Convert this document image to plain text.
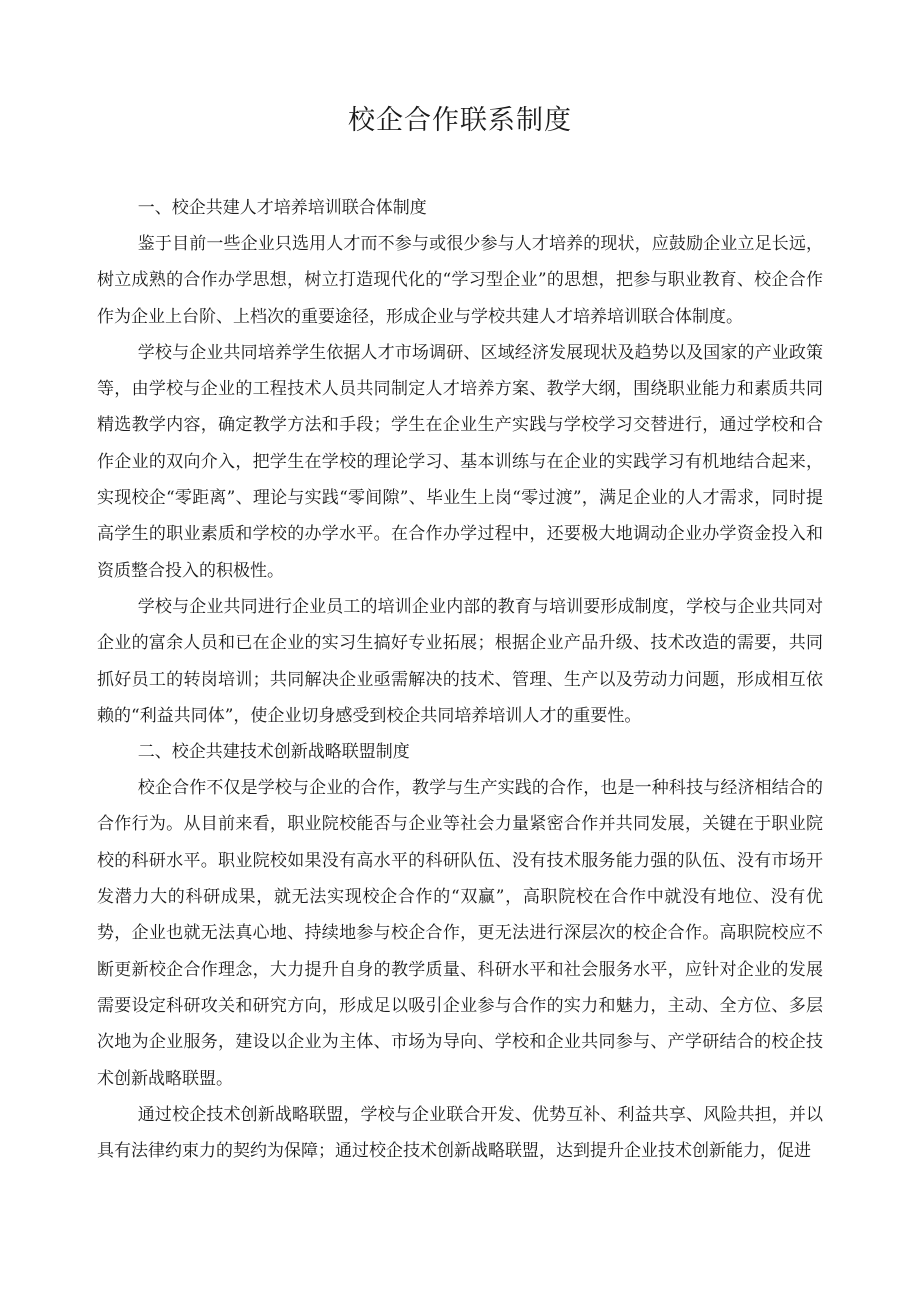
校企合作联系制度
一、校企共建人才培养培训联合体制度

鉴于目前一些企业只选用人才而不参与或很少参与人才培养的现状，应鼓励企业立足长远，树立成熟的合作办学思想，树立打造现代化的“学习型企业”的思想，把参与职业教育、校企合作作为企业上台阶、上档次的重要途径，形成企业与学校共建人才培养培训联合体制度。

学校与企业共同培养学生依据人才市场调研、区域经济发展现状及趋势以及国家的产业政策等，由学校与企业的工程技术人员共同制定人才培养方案、教学大纲，围绕职业能力和素质共同精选教学内容，确定教学方法和手段；学生在企业生产实践与学校学习交替进行，通过学校和合作企业的双向介入，把学生在学校的理论学习、基本训练与在企业的实践学习有机地结合起来，实现校企“零距离”、理论与实践“零间隙”、毕业生上岗“零过渡”，满足企业的人才需求，同时提高学生的职业素质和学校的办学水平。在合作办学过程中，还要极大地调动企业办学资金投入和资质整合投入的积极性。

学校与企业共同进行企业员工的培训企业内部的教育与培训要形成制度，学校与企业共同对企业的富余人员和已在企业的实习生搞好专业拓展；根据企业产品升级、技术改造的需要，共同抓好员工的转岗培训；共同解决企业亟需解决的技术、管理、生产以及劳动力问题，形成相互依赖的“利益共同体”，使企业切身感受到校企共同培养培训人才的重要性。

二、校企共建技术创新战略联盟制度

校企合作不仅是学校与企业的合作，教学与生产实践的合作，也是一种科技与经济相结合的合作行为。从目前来看，职业院校能否与企业等社会力量紧密合作并共同发展，关键在于职业院校的科研水平。职业院校如果没有高水平的科研队伍、没有技术服务能力强的队伍、没有市场开发潜力大的科研成果，就无法实现校企合作的“双赢”，高职院校在合作中就没有地位、没有优势，企业也就无法真心地、持续地参与校企合作，更无法进行深层次的校企合作。高职院校应不断更新校企合作理念，大力提升自身的教学质量、科研水平和社会服务水平，应针对企业的发展需要设定科研攻关和研究方向，形成足以吸引企业参与合作的实力和魅力，主动、全方位、多层次地为企业服务，建设以企业为主体、市场为导向、学校和企业共同参与、产学研结合的校企技术创新战略联盟。

通过校企技术创新战略联盟，学校与企业联合开发、优势互补、利益共享、风险共担，并以具有法律约束力的契约为保障；通过校企技术创新战略联盟，达到提升企业技术创新能力，促进
